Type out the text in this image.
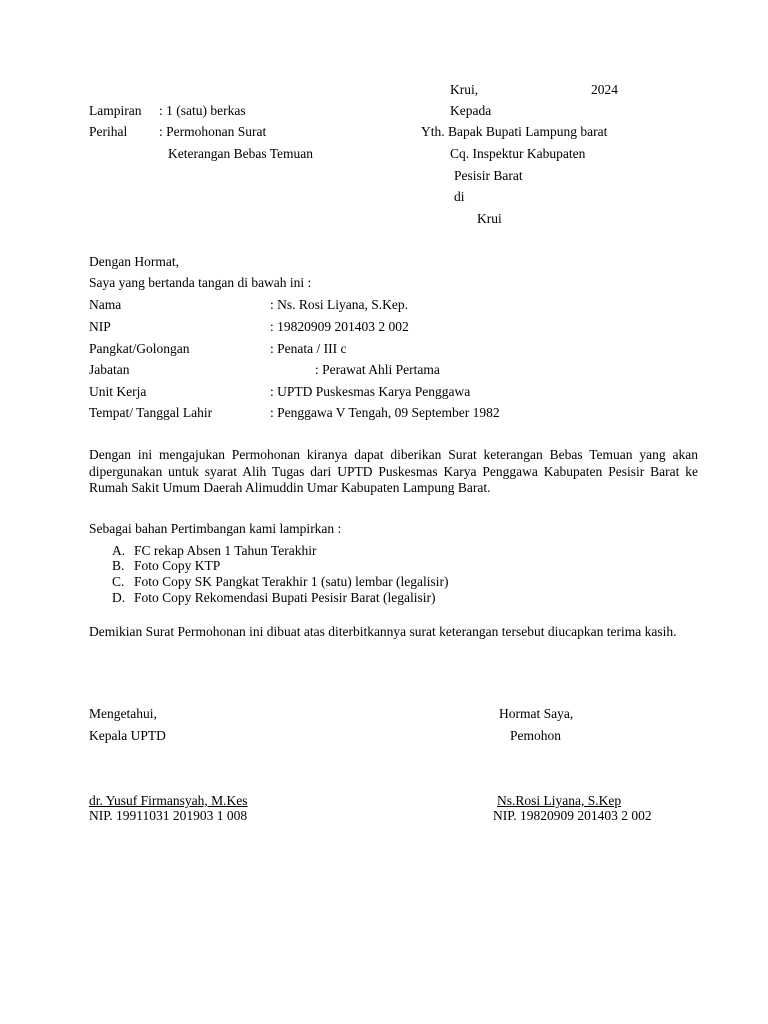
Krui,	2024
Lampiran : 1 (satu) berkas
Perihal : Permohonan Surat
Keterangan Bebas Temuan
Kepada
Yth. Bapak Bupati Lampung barat
Cq. Inspektur Kabupaten
Pesisir Barat
di
Krui
Dengan Hormat,
Saya yang bertanda tangan di bawah ini :
Nama	: Ns. Rosi Liyana, S.Kep.
NIP	: 19820909 201403 2 002
Pangkat/Golongan	: Penata / III c
Jabatan	: Perawat Ahli Pertama
Unit Kerja	: UPTD Puskesmas Karya Penggawa
Tempat/ Tanggal Lahir	: Penggawa V Tengah, 09 September 1982
Dengan ini mengajukan Permohonan kiranya dapat diberikan Surat keterangan Bebas Temuan yang akan dipergunakan untuk syarat Alih Tugas dari UPTD Puskesmas Karya Penggawa Kabupaten Pesisir Barat ke Rumah Sakit Umum Daerah Alimuddin Umar Kabupaten Lampung Barat.
Sebagai bahan Pertimbangan kami lampirkan :
A. FC rekap Absen 1 Tahun Terakhir
B. Foto Copy KTP
C. Foto Copy SK Pangkat Terakhir 1 (satu) lembar (legalisir)
D. Foto Copy Rekomendasi Bupati Pesisir Barat (legalisir)
Demikian Surat Permohonan ini dibuat atas diterbitkannya surat keterangan tersebut diucapkan terima kasih.
Mengetahui,
Kepala UPTD
dr. Yusuf Firmansyah, M.Kes
NIP. 19911031 201903 1 008
Hormat Saya,
Pemohon
Ns.Rosi Liyana, S.Kep
NIP. 19820909 201403 2 002
